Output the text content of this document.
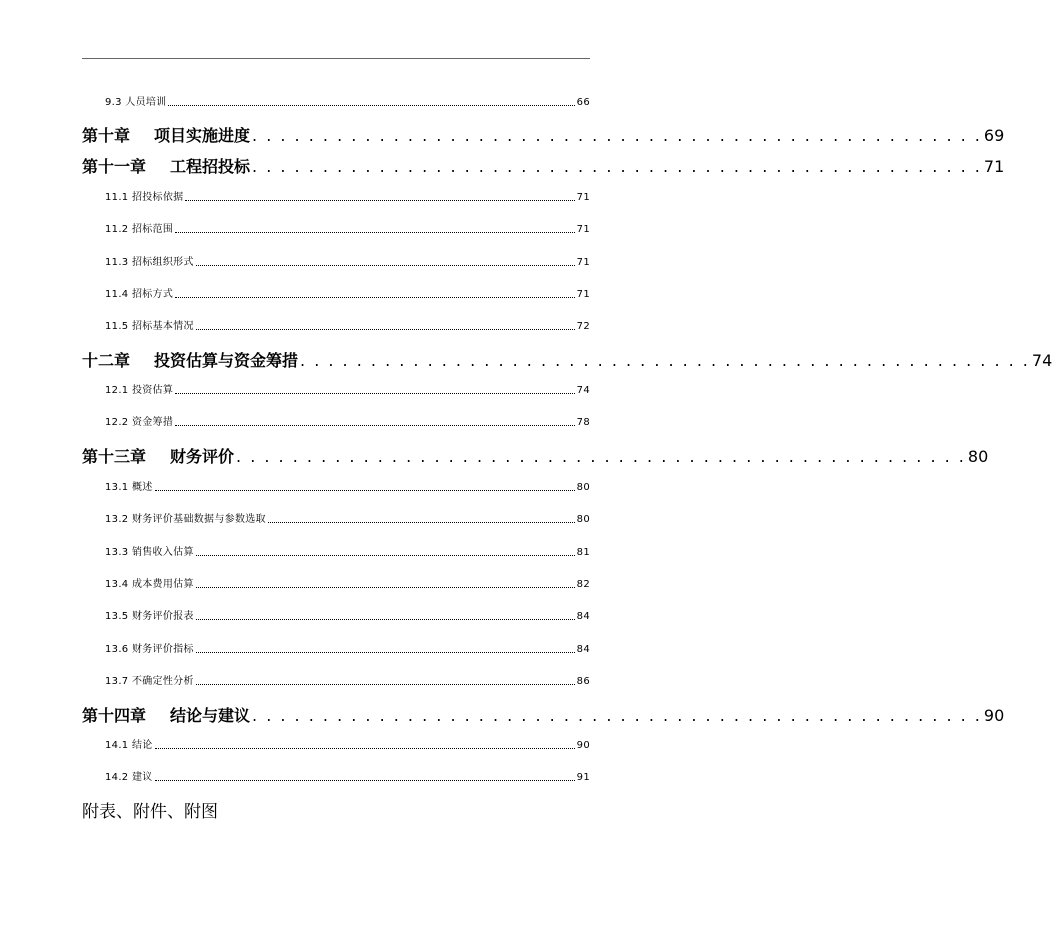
9.3 人员培训	66
第十章 项目实施进度 . . . . . . . . . . . . . . . . . . . . . . . . . . . . . . . . . . . . . . . . . . . . . . . . . . . . 69
第十一章 工程招投标 . . . . . . . . . . . . . . . . . . . . . . . . . . . . . . . . . . . . . . . . . . . . . . . . . . . . 71
11.1 招投标依据	71
11.2 招标范围	71
11.3 招标组织形式	71
11.4 招标方式	71
11.5 招标基本情况	72
十二章 投资估算与资金筹措 . . . . . . . . . . . . . . . . . . . . . . . . . . . . . . . . . . . . . . . . . . . . . . . . . . . . 74
12.1 投资估算	74
12.2 资金筹措	78
第十三章 财务评价 . . . . . . . . . . . . . . . . . . . . . . . . . . . . . . . . . . . . . . . . . . . . . . . . . . . . 80
13.1 概述	80
13.2 财务评价基础数据与参数选取	80
13.3 销售收入估算	81
13.4 成本费用估算	82
13.5 财务评价报表	84
13.6 财务评价指标	84
13.7 不确定性分析	86
第十四章 结论与建议 . . . . . . . . . . . . . . . . . . . . . . . . . . . . . . . . . . . . . . . . . . . . . . . . . . . . 90
14.1 结论	90
14.2 建议	91
附表、附件、附图
